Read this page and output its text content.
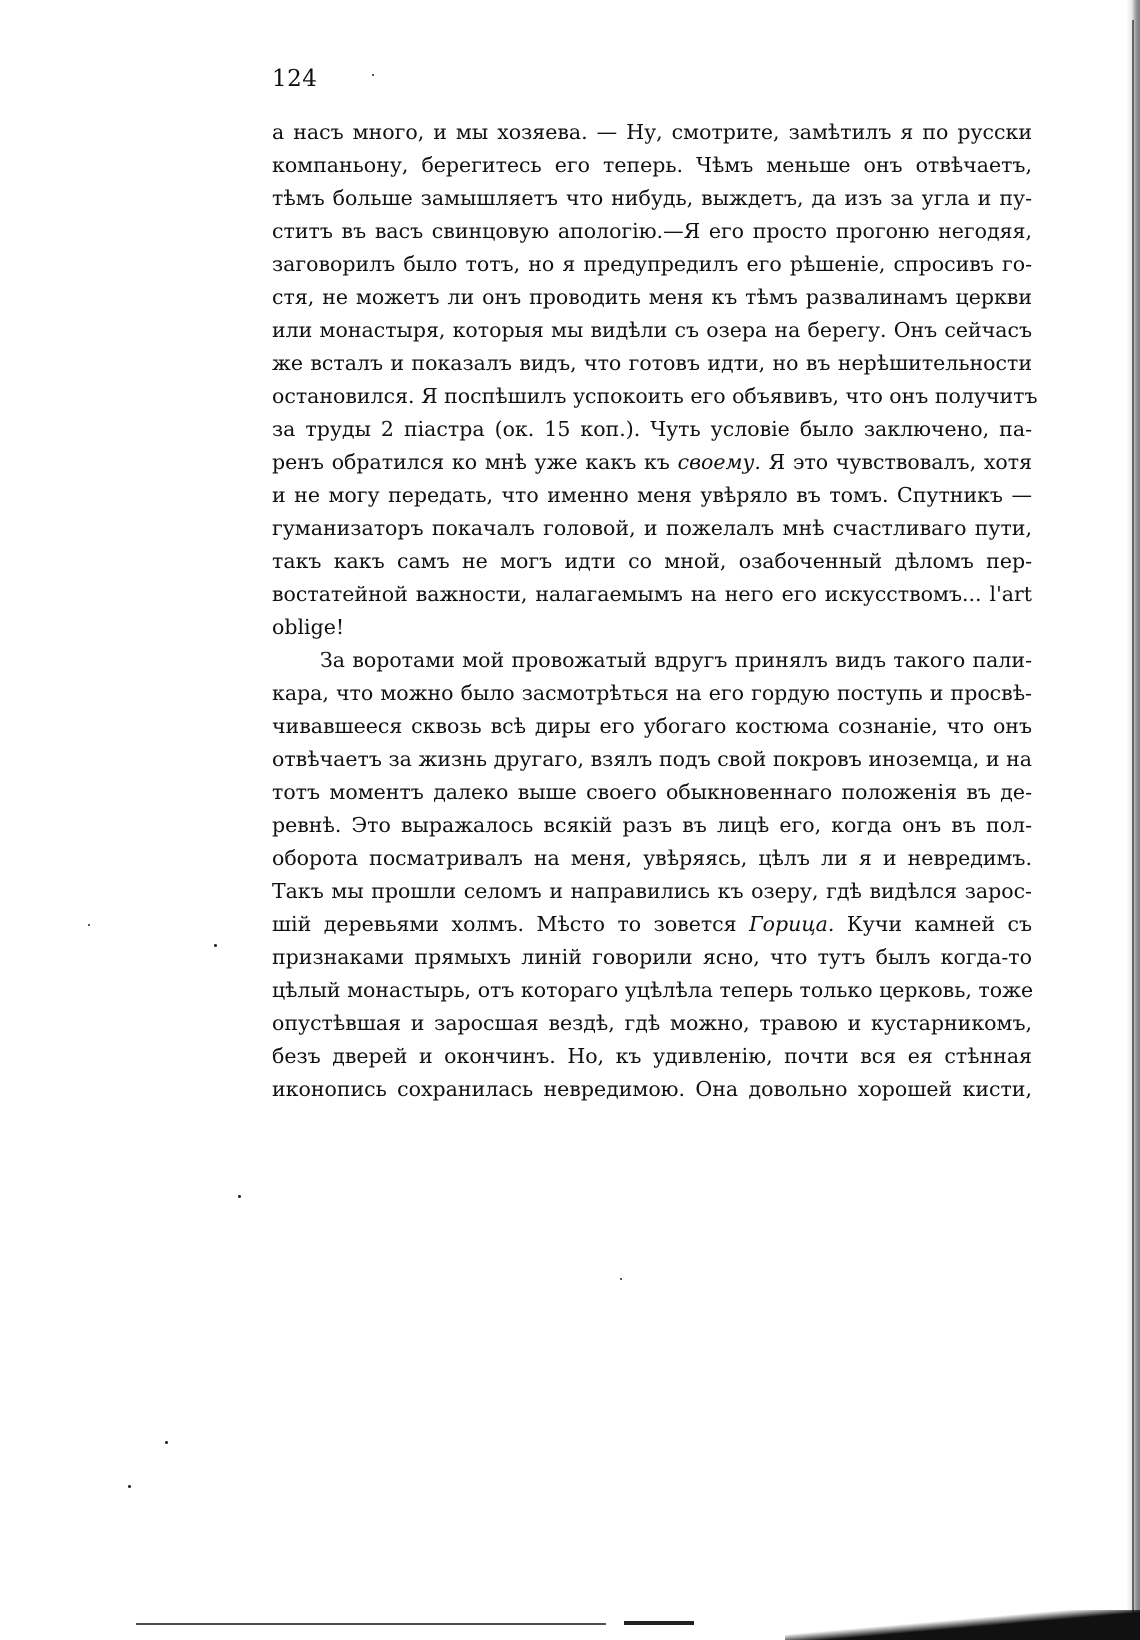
124
а насъ много, и мы хозяева. — Ну, смотрите, замѣтилъ я по русски
компаньону, берегитесь его теперь. Чѣмъ меньше онъ отвѣчаетъ,
тѣмъ больше замышляетъ что нибудь, выждетъ, да изъ за угла и пу-
ститъ въ васъ свинцовую апологію.—Я его просто прогоню негодяя,
заговорилъ было тотъ, но я предупредилъ его рѣшеніе, спросивъ го-
стя, не можетъ ли онъ проводить меня къ тѣмъ развалинамъ церкви
или монастыря, которыя мы видѣли съ озера на берегу. Онъ сейчасъ
же всталъ и показалъ видъ, что готовъ идти, но въ нерѣшительности
остановился. Я поспѣшилъ успокоить его объявивъ, что онъ получитъ
за труды 2 піастра (ок. 15 коп.). Чуть условіе было заключено, па-
ренъ обратился ко мнѣ уже какъ къ своему. Я это чувствовалъ, хотя
и не могу передать, что именно меня увѣряло въ томъ. Спутникъ —
гуманизаторъ покачалъ головой, и пожелалъ мнѣ счастливаго пути,
такъ какъ самъ не могъ идти со мной, озабоченный дѣломъ пер-
востатейной важности, налагаемымъ на него его искусствомъ... l'art
oblige!
За воротами мой провожатый вдругъ принялъ видъ такого пали-
кара, что можно было засмотрѣться на его гордую поступь и просвѣ-
чивавшееся сквозь всѣ диры его убогаго костюма сознаніе, что онъ
отвѣчаетъ за жизнь другаго, взялъ подъ свой покровъ иноземца, и на
тотъ моментъ далеко выше своего обыкновеннаго положенія въ де-
ревнѣ. Это выражалось всякій разъ въ лицѣ его, когда онъ въ пол-
оборота посматривалъ на меня, увѣряясь, цѣлъ ли я и невредимъ.
Такъ мы прошли селомъ и направились къ озеру, гдѣ видѣлся зарос-
шій деревьями холмъ. Мѣсто то зовется Горица. Кучи камней съ
признаками прямыхъ линій говорили ясно, что тутъ былъ когда-то
цѣлый монастырь, отъ котораго уцѣлѣла теперь только церковь, тоже
опустѣвшая и заросшая вездѣ, гдѣ можно, травою и кустарникомъ,
безъ дверей и окончинъ. Но, къ удивленію, почти вся ея стѣнная
иконопись сохранилась невредимою. Она довольно хорошей кисти,
